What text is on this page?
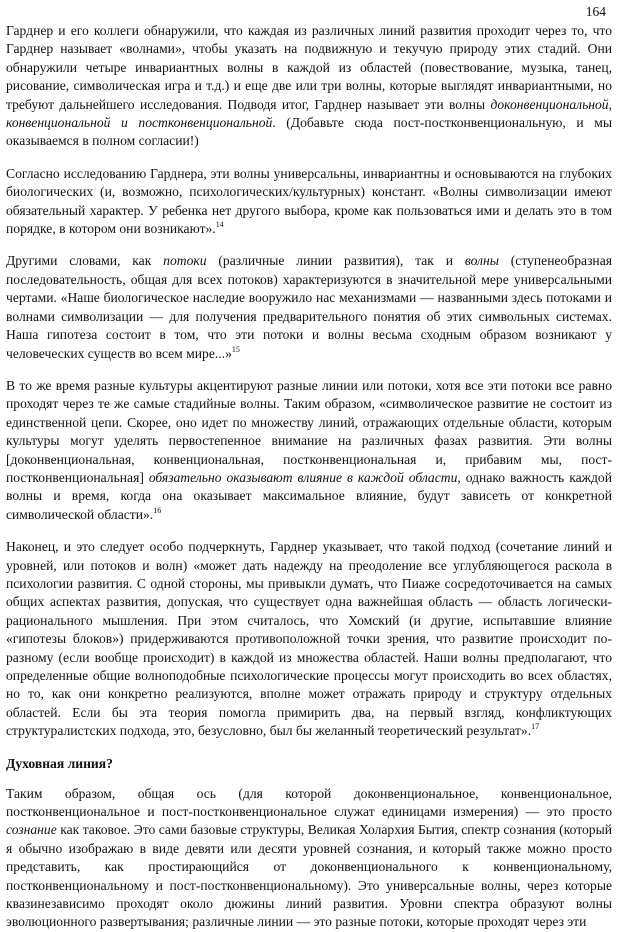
164

Гарднер и его коллеги обнаружили, что каждая из различных линий развития проходит через то, что Гарднер называет «волнами», чтобы указать на подвижную и текучую природу этих стадий. Они обнаружили четыре инвариантных волны в каждой из областей (повествование, музыка, танец, рисование, символическая игра и т.д.) и еще две или три волны, которые выглядят инвариантными, но требуют дальнейшего исследования. Подводя итог, Гарднер называет эти волны доконвенциональной, конвенциональной и постконвенциональной. (Добавьте сюда пост-постконвенциональную, и мы оказываемся в полном согласии!)

Согласно исследованию Гарднера, эти волны универсальны, инвариантны и основываются на глубоких биологических (и, возможно, психологических/культурных) констант. «Волны символизации имеют обязательный характер. У ребенка нет другого выбора, кроме как пользоваться ими и делать это в том порядке, в котором они возникают».$^{14}$

Другими словами, как потоки (различные линии развития), так и волны (ступенеобразная последовательность, общая для всех потоков) характеризуются в значительной мере универсальными чертами. «Наше биологическое наследие вооружило нас механизмами — названными здесь потоками и волнами символизации — для получения предварительного понятия об этих символьных системах. Наша гипотеза состоит в том, что эти потоки и волны весьма сходным образом возникают у человеческих существ во всем мире...»$^{15}$

В то же время разные культуры акцентируют разные линии или потоки, хотя все эти потоки все равно проходят через те же самые стадийные волны. Таким образом, «символическое развитие не состоит из единственной цепи. Скорее, оно идет по множеству линий, отражающих отдельные области, которым культуры могут уделять первостепенное внимание на различных фазах развития. Эти волны [доконвенциональная, конвенциональная, постконвенциональная и, прибавим мы, пост-постконвенциональная] обязательно оказывают влияние в каждой области, однако важность каждой волны и время, когда она оказывает максимальное влияние, будут зависеть от конкретной символической области».$^{16}$

Наконец, и это следует особо подчеркнуть, Гарднер указывает, что такой подход (сочетание линий и уровней, или потоков и волн) «может дать надежду на преодоление все углубляющегося раскола в психологии развития. С одной стороны, мы привыкли думать, что Пиаже сосредоточивается на самых общих аспектах развития, допуская, что существует одна важнейшая область — область логически-рационального мышления. При этом считалось, что Хомский (и другие, испытавшие влияние «гипотезы блоков») придерживаются противоположной точки зрения, что развитие происходит по-разному (если вообще происходит) в каждой из множества областей. Наши волны предполагают, что определенные общие волноподобные психологические процессы могут происходить во всех областях, но то, как они конкретно реализуются, вполне может отражать природу и структуру отдельных областей. Если бы эта теория помогла примирить два, на первый взгляд, конфликтующих структуралистских подхода, это, безусловно, был бы желанный теоретический результат».$^{17}$

Духовная линия?

Таким образом, общая ось (для которой доконвенциональное, конвенциональное, постконвенциональное и пост-постконвенциональное служат единицами измерения) — это просто сознание как таковое. Это сами базовые структуры, Великая Холархия Бытия, спектр сознания (который я обычно изображаю в виде девяти или десяти уровней сознания, и который также можно просто представить, как простирающийся от доконвенционального к конвенциональному, постконвенциональному и пост-постконвенциональному). Это универсальные волны, через которые квазинезависимо проходят около дюжины линий развития. Уровни спектра образуют волны эволюционного развертывания; различные линии — это разные потоки, которые проходят через эти
